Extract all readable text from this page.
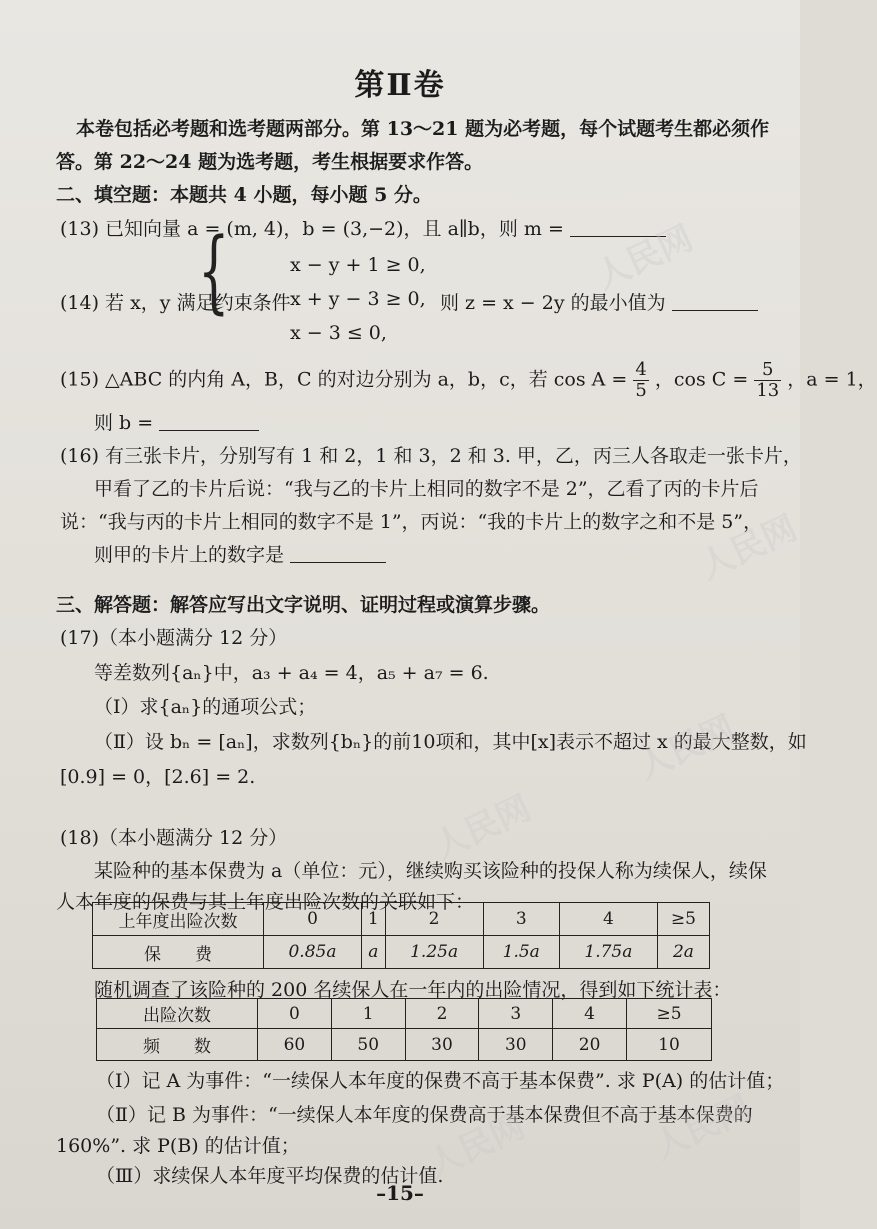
第Ⅱ卷
本卷包括必考题和选考题两部分。第 13～21 题为必考题，每个试题考生都必须作
答。第 22～24 题为选考题，考生根据要求作答。
二、填空题：本题共 4 小题，每小题 5 分。
(13) 已知向量 a = (m, 4)，b = (3,−2)，且 a∥b，则 m =
(14) 若 x，y 满足约束条件
{	x − y + 1 ≥ 0,
x + y − 3 ≥ 0,
x − 3 ≤ 0,
则 z = x − 2y 的最小值为
(15) △ABC 的内角 A，B，C 的对边分别为 a，b，c，若 $\cos A = \frac{4}{5}$ ，$\cos C = \frac{5}{13}$ ，a = 1，
则 b =
(16) 有三张卡片，分别写有 1 和 2，1 和 3，2 和 3. 甲，乙，丙三人各取走一张卡片，
甲看了乙的卡片后说：“我与乙的卡片上相同的数字不是 2”，乙看了丙的卡片后
说：“我与丙的卡片上相同的数字不是 1”，丙说：“我的卡片上的数字之和不是 5”，
则甲的卡片上的数字是
三、解答题：解答应写出文字说明、证明过程或演算步骤。
(17)（本小题满分 12 分）
等差数列{aₙ}中，a₃ + a₄ = 4，a₅ + a₇ = 6.
（Ⅰ）求{aₙ}的通项公式；
（Ⅱ）设 bₙ = [aₙ]，求数列{bₙ}的前10项和，其中[x]表示不超过 x 的最大整数，如
[0.9] = 0，[2.6] = 2.
(18)（本小题满分 12 分）
某险种的基本保费为 a（单位：元），继续购买该险种的投保人称为续保人，续保
人本年度的保费与其上年度出险次数的关联如下：
上年度出险次数	0	1	2	3	4	≥5
保　　费	0.85a	a	1.25a	1.5a	1.75a	2a
随机调查了该险种的 200 名续保人在一年内的出险情况，得到如下统计表：
出险次数	0	1	2	3	4	≥5
频　　数	60	50	30	30	20	10
（Ⅰ）记 A 为事件：“一续保人本年度的保费不高于基本保费”. 求 P(A) 的估计值；
（Ⅱ）记 B 为事件：“一续保人本年度的保费高于基本保费但不高于基本保费的
160%”. 求 P(B) 的估计值；
（Ⅲ）求续保人本年度平均保费的估计值.
–15–
人民网
人民网
人民网
人民网
人民网	人民网
